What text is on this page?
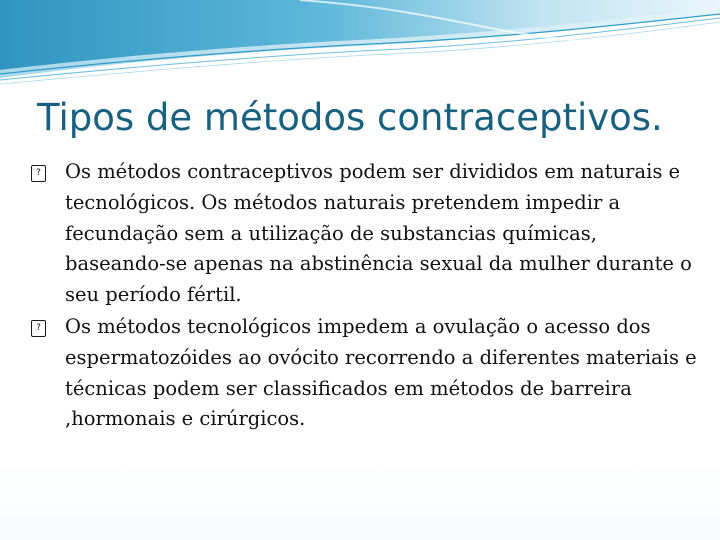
Tipos de métodos contraceptivos.
? Os métodos contraceptivos podem ser divididos em naturais e tecnológicos. Os métodos naturais pretendem impedir a fecundação sem a utilização de substancias químicas, baseando-se apenas na abstinência sexual da mulher durante o seu período fértil.
? Os métodos tecnológicos impedem a ovulação o acesso dos espermatozóides ao ovócito recorrendo a diferentes materiais e técnicas podem ser classificados em métodos de barreira ,hormonais e cirúrgicos.
